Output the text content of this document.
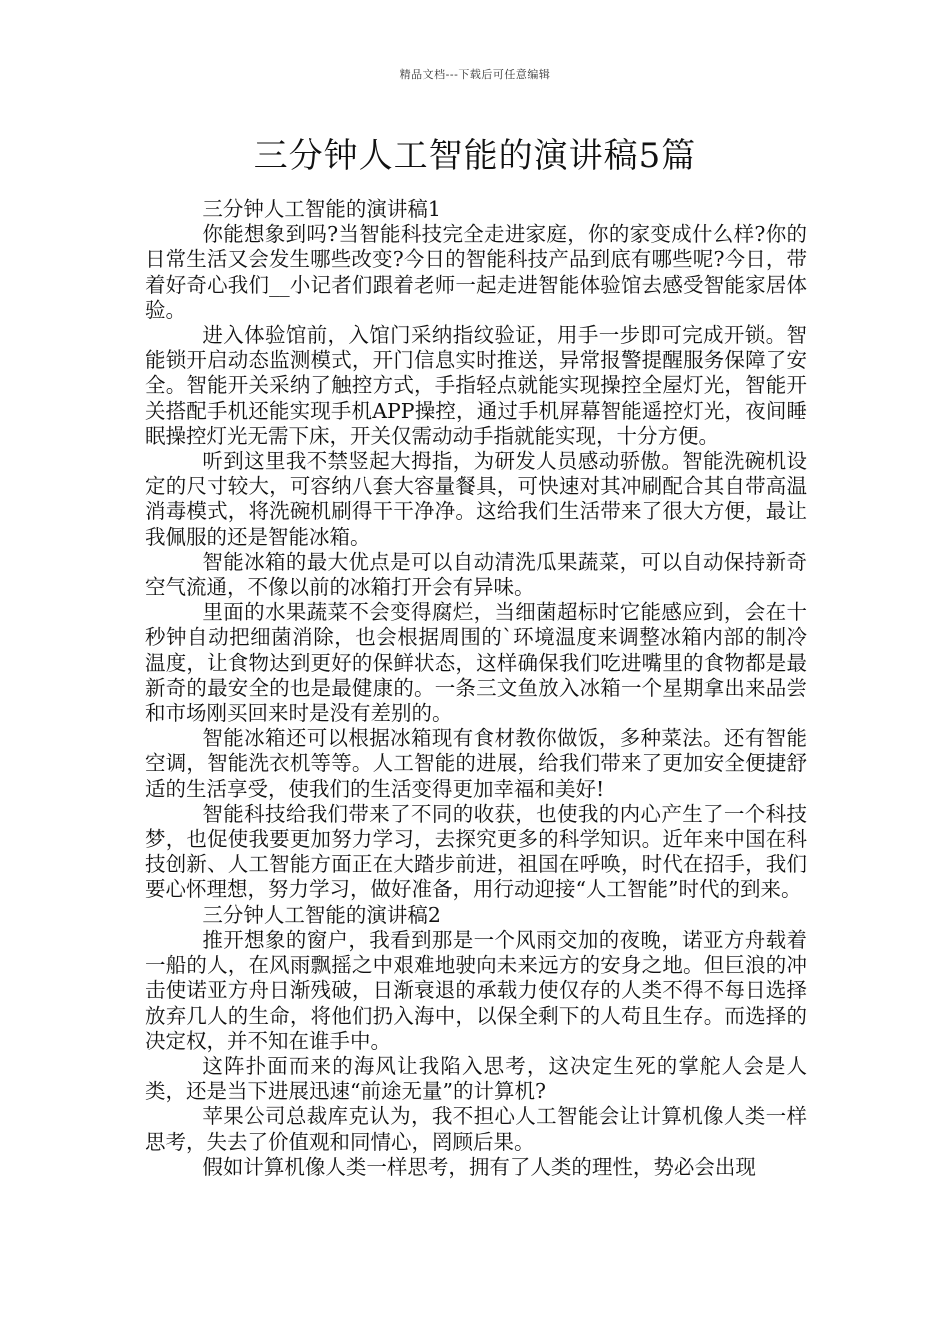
精品文档---下载后可任意编辑
三分钟人工智能的演讲稿5篇

三分钟人工智能的演讲稿1

你能想象到吗?当智能科技完全走进家庭，你的家变成什么样?你的日常生活又会发生哪些改变?今日的智能科技产品到底有哪些呢?今日，带着好奇心我们__小记者们跟着老师一起走进智能体验馆去感受智能家居体验。

进入体验馆前，入馆门采纳指纹验证，用手一步即可完成开锁。智能锁开启动态监测模式，开门信息实时推送，异常报警提醒服务保障了安全。智能开关采纳了触控方式，手指轻点就能实现操控全屋灯光，智能开关搭配手机还能实现手机APP操控，通过手机屏幕智能遥控灯光，夜间睡眠操控灯光无需下床，开关仅需动动手指就能实现，十分方便。

听到这里我不禁竖起大拇指，为研发人员感动骄傲。智能洗碗机设定的尺寸较大，可容纳八套大容量餐具，可快速对其冲刷配合其自带高温消毒模式，将洗碗机刷得干干净净。这给我们生活带来了很大方便，最让我佩服的还是智能冰箱。

智能冰箱的最大优点是可以自动清洗瓜果蔬菜，可以自动保持新奇空气流通，不像以前的冰箱打开会有异味。

里面的水果蔬菜不会变得腐烂，当细菌超标时它能感应到，会在十秒钟自动把细菌消除，也会根据周围的`环境温度来调整冰箱内部的制冷温度，让食物达到更好的保鲜状态，这样确保我们吃进嘴里的食物都是最新奇的最安全的也是最健康的。一条三文鱼放入冰箱一个星期拿出来品尝和市场刚买回来时是没有差别的。

智能冰箱还可以根据冰箱现有食材教你做饭，多种菜法。还有智能空调，智能洗衣机等等。人工智能的进展，给我们带来了更加安全便捷舒适的生活享受，使我们的生活变得更加幸福和美好!

智能科技给我们带来了不同的收获，也使我的内心产生了一个科技梦，也促使我要更加努力学习，去探究更多的科学知识。近年来中国在科技创新、人工智能方面正在大踏步前进，祖国在呼唤，时代在招手，我们要心怀理想，努力学习，做好准备，用行动迎接“人工智能”时代的到来。

三分钟人工智能的演讲稿2

推开想象的窗户，我看到那是一个风雨交加的夜晚，诺亚方舟载着一船的人，在风雨飘摇之中艰难地驶向未来远方的安身之地。但巨浪的冲击使诺亚方舟日渐残破，日渐衰退的承载力使仅存的人类不得不每日选择放弃几人的生命，将他们扔入海中，以保全剩下的人苟且生存。而选择的决定权，并不知在谁手中。

这阵扑面而来的海风让我陷入思考，这决定生死的掌舵人会是人类，还是当下进展迅速“前途无量”的计算机?

苹果公司总裁库克认为，我不担心人工智能会让计算机像人类一样思考，失去了价值观和同情心，罔顾后果。

假如计算机像人类一样思考，拥有了人类的理性，势必会出现
